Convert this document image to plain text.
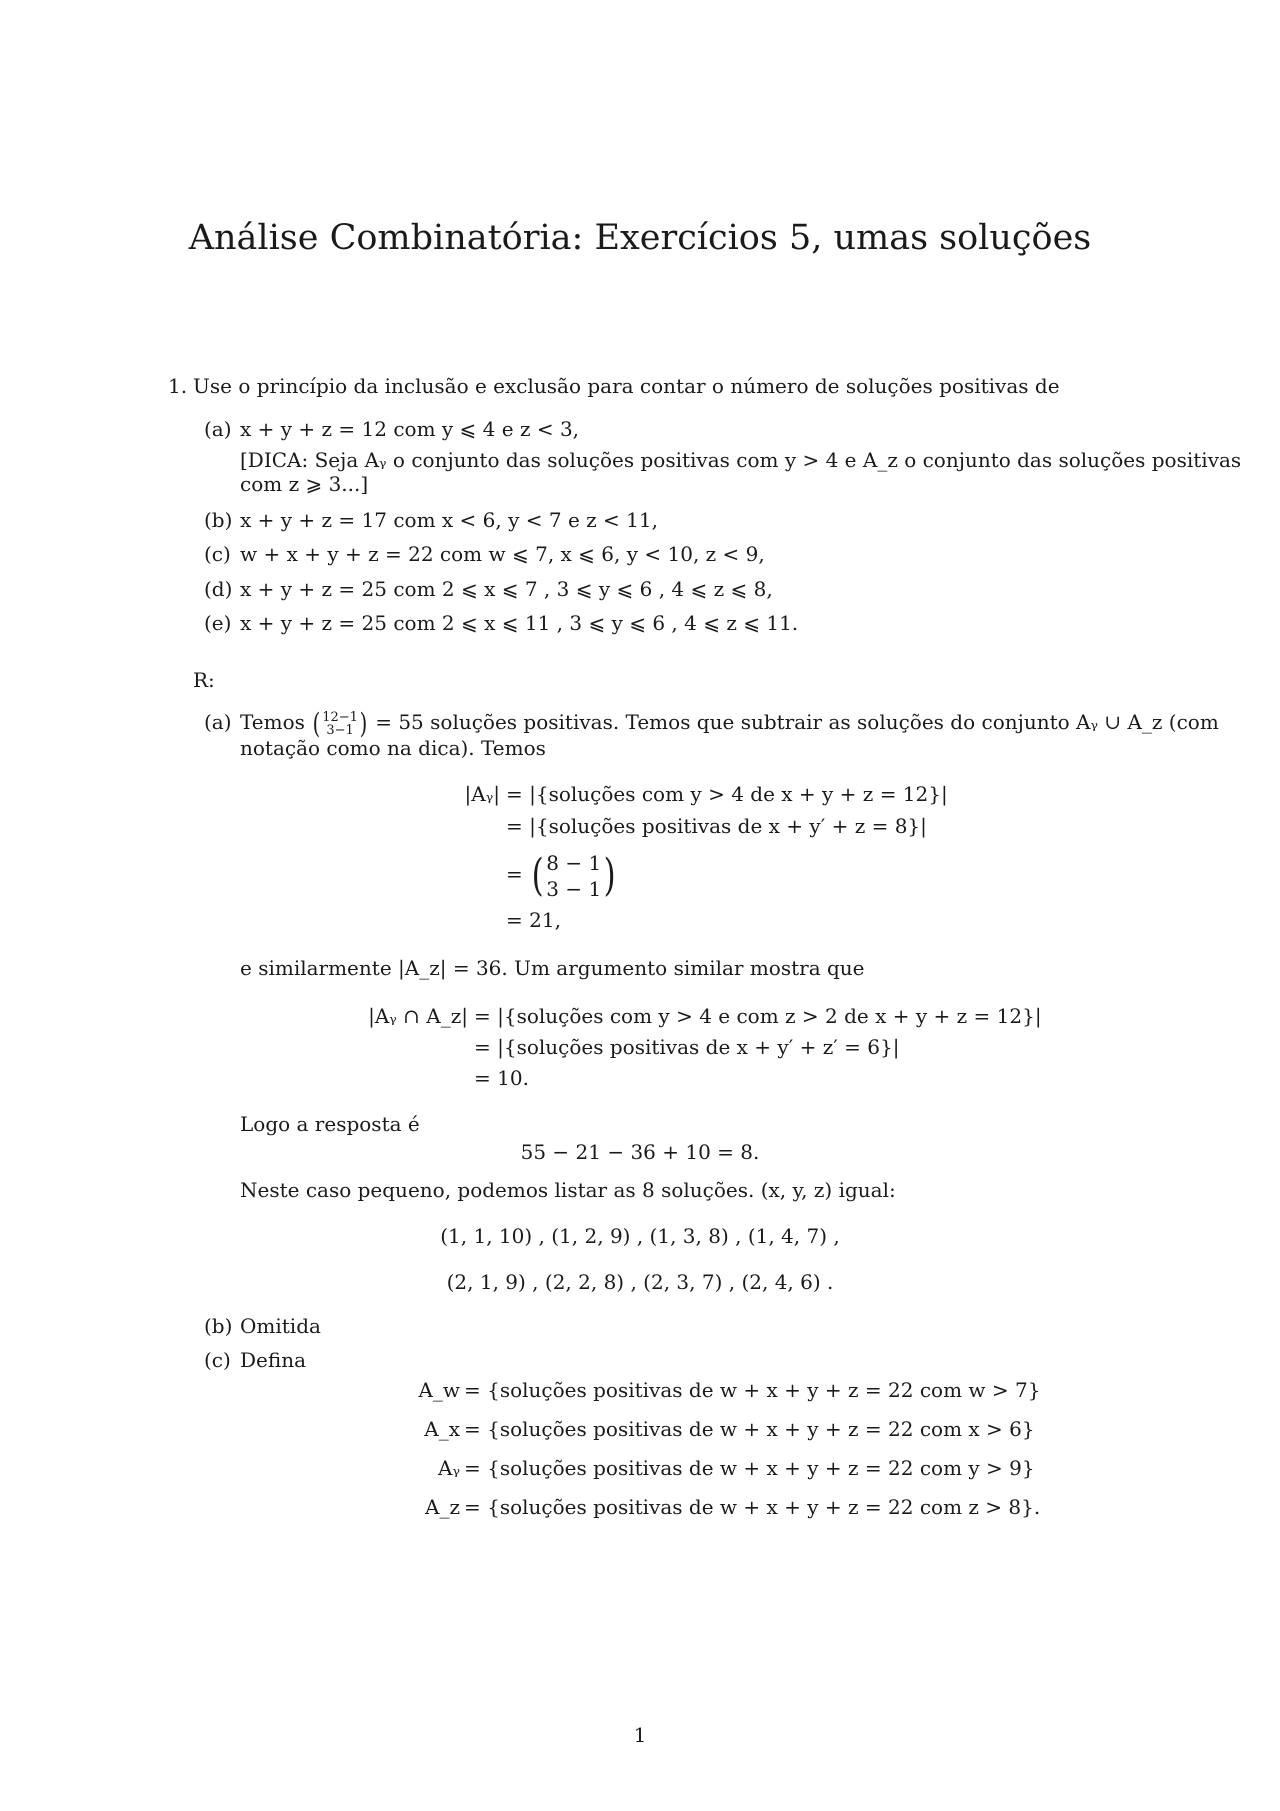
Análise Combinatória: Exercícios 5, umas soluções
1. Use o princípio da inclusão e exclusão para contar o número de soluções positivas de
(a) x + y + z = 12 com y ⩽ 4 e z < 3,
[DICA: Seja Aᵧ o conjunto das soluções positivas com y > 4 e A_z o conjunto das soluções positivas
com z ⩾ 3...]
(b) x + y + z = 17 com x < 6, y < 7 e z < 11,
(c) w + x + y + z = 22 com w ⩽ 7, x ⩽ 6, y < 10, z < 9,
(d) x + y + z = 25 com 2 ⩽ x ⩽ 7 , 3 ⩽ y ⩽ 6 , 4 ⩽ z ⩽ 8,
(e) x + y + z = 25 com 2 ⩽ x ⩽ 11 , 3 ⩽ y ⩽ 6 , 4 ⩽ z ⩽ 11.
R:
(a) Temos ( 12−1
3−1 ) = 55 soluções positivas. Temos que subtrair as soluções do conjunto Aᵧ ∪ A_z (com
notação como na dica). Temos
|Aᵧ| = |{soluções com y > 4 de x + y + z = 12}|
= |{soluções positivas de x + y′ + z = 8}|
= ( 8 − 1
3 − 1 )
= 21,
e similarmente |A_z| = 36. Um argumento similar mostra que
|Aᵧ ∩ A_z| = |{soluções com y > 4 e com z > 2 de x + y + z = 12}|
= |{soluções positivas de x + y′ + z′ = 6}|
= 10.
Logo a resposta é
55 − 21 − 36 + 10 = 8.
Neste caso pequeno, podemos listar as 8 soluções. (x, y, z) igual:
(1, 1, 10) , (1, 2, 9) , (1, 3, 8) , (1, 4, 7) ,
(2, 1, 9) , (2, 2, 8) , (2, 3, 7) , (2, 4, 6) .
(b) Omitida
(c) Defina
A_w = {soluções positivas de w + x + y + z = 22 com w > 7}
A_x = {soluções positivas de w + x + y + z = 22 com x > 6}
Aᵧ = {soluções positivas de w + x + y + z = 22 com y > 9}
A_z = {soluções positivas de w + x + y + z = 22 com z > 8}.
1
